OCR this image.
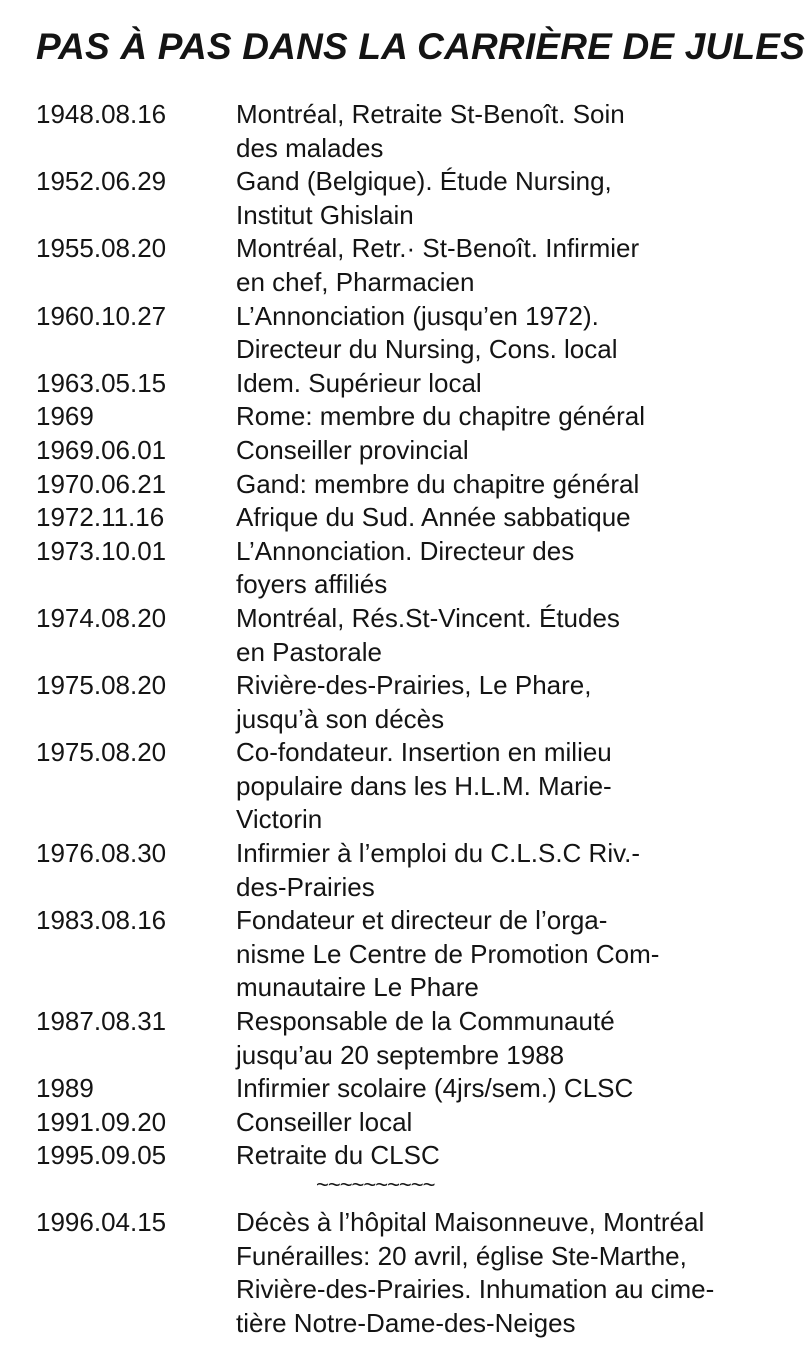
PAS À PAS DANS LA CARRIÈRE DE JULES
1948.08.16	Montréal, Retraite St-Benoît. Soin
des malades
1952.06.29	Gand (Belgique). Étude Nursing,
Institut Ghislain
1955.08.20	Montréal, Retr.· St-Benoît. Infirmier
en chef, Pharmacien
1960.10.27	L’Annonciation (jusqu’en 1972).
Directeur du Nursing, Cons. local
1963.05.15	Idem. Supérieur local
1969	Rome: membre du chapitre général
1969.06.01	Conseiller provincial
1970.06.21	Gand: membre du chapitre général
1972.11.16	Afrique du Sud. Année sabbatique
1973.10.01	L’Annonciation. Directeur des
foyers affiliés
1974.08.20	Montréal, Rés.St-Vincent. Études
en Pastorale
1975.08.20	Rivière-des-Prairies, Le Phare,
jusqu’à son décès
1975.08.20	Co-fondateur. Insertion en milieu
populaire dans les H.L.M. Marie-
Victorin
1976.08.30	Infirmier à l’emploi du C.L.S.C Riv.-
des-Prairies
1983.08.16	Fondateur et directeur de l’orga-
nisme Le Centre de Promotion Com-
munautaire Le Phare
1987.08.31	Responsable de la Communauté
jusqu’au 20 septembre 1988
1989	Infirmier scolaire (4jrs/sem.) CLSC
1991.09.20	Conseiller local
1995.09.05	Retraite du CLSC
~~~~~~~~~~
1996.04.15	Décès à l’hôpital Maisonneuve, Montréal
Funérailles: 20 avril, église Ste-Marthe,
Rivière-des-Prairies. Inhumation au cime-
tière Notre-Dame-des-Neiges
